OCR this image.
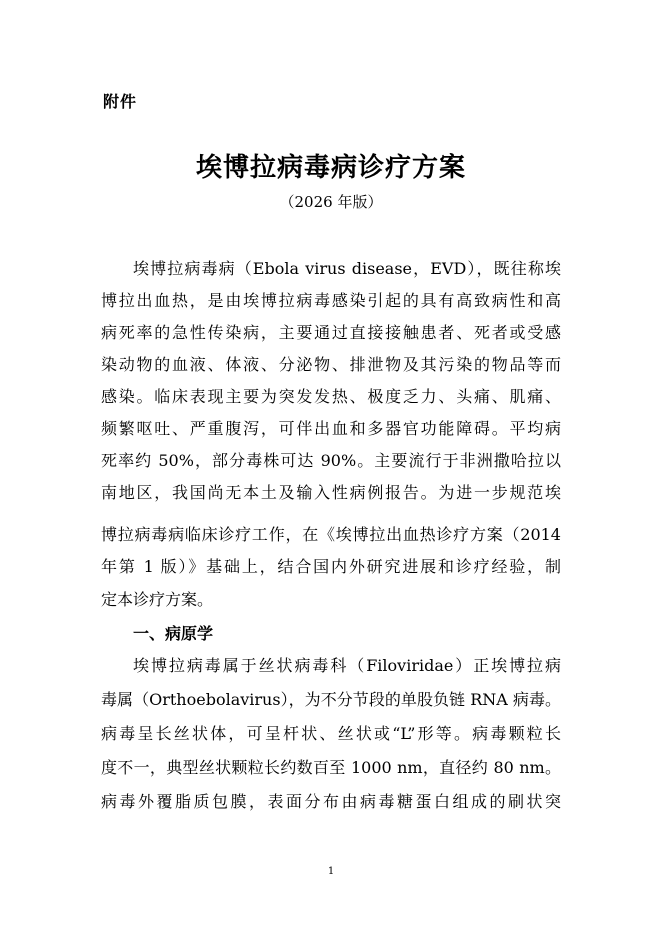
附件
埃博拉病毒病诊疗方案
（2026 年版）
埃博拉病毒病（Ebola virus disease，EVD），既往称埃
博拉出血热，是由埃博拉病毒感染引起的具有高致病性和高
病死率的急性传染病，主要通过直接接触患者、死者或受感
染动物的血液、体液、分泌物、排泄物及其污染的物品等而
感染。临床表现主要为突发发热、极度乏力、头痛、肌痛、
频繁呕吐、严重腹泻，可伴出血和多器官功能障碍。平均病
死率约 50%，部分毒株可达 90%。主要流行于非洲撒哈拉以
南地区，我国尚无本土及输入性病例报告。为进一步规范埃
博拉病毒病临床诊疗工作，在《埃博拉出血热诊疗方案（2014
年第 1 版）》基础上，结合国内外研究进展和诊疗经验，制
定本诊疗方案。
一、病原学
埃博拉病毒属于丝状病毒科（Filoviridae）正埃博拉病
毒属（Orthoebolavirus），为不分节段的单股负链 RNA 病毒。
病毒呈长丝状体，可呈杆状、丝状或“L”形等。病毒颗粒长
度不一，典型丝状颗粒长约数百至 1000 nm，直径约 80 nm。
病毒外覆脂质包膜，表面分布由病毒糖蛋白组成的刷状突
1
